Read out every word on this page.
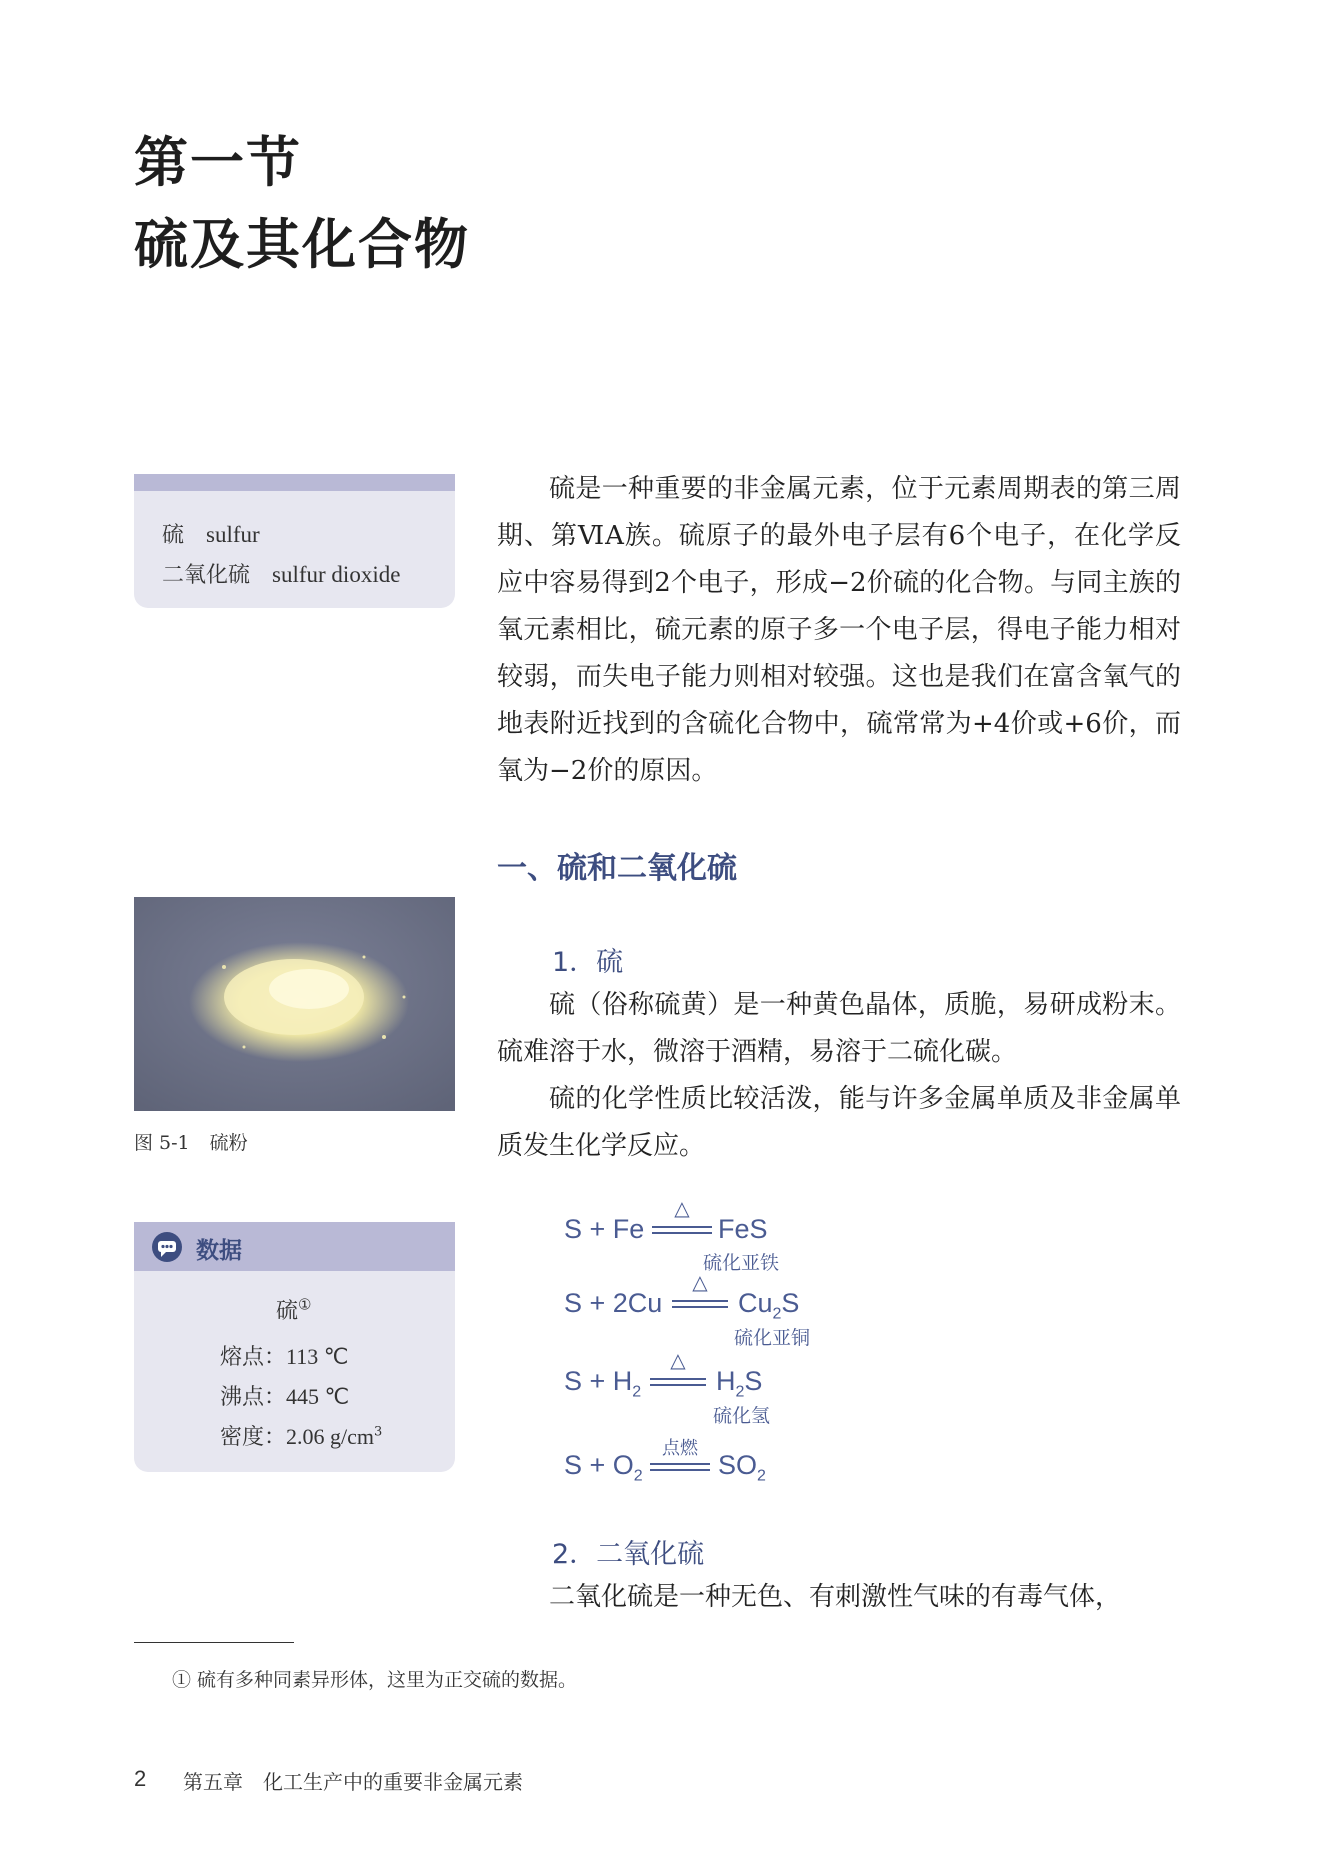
第一节
硫及其化合物
硫 sulfur
二氧化硫 sulfur dioxide

硫是一种重要的非金属元素，位于元素周期表的第三周期、第ⅥA族。硫原子的最外电子层有6个电子，在化学反应中容易得到2个电子，形成−2价硫的化合物。与同主族的氧元素相比，硫元素的原子多一个电子层，得电子能力相对较弱，而失电子能力则相对较强。这也是我们在富含氧气的地表附近找到的含硫化合物中，硫常常为+4价或+6价，而氧为−2价的原因。

一、硫和二氧化硫
1．硫

硫（俗称硫黄）是一种黄色晶体，质脆，易研成粉末。硫难溶于水，微溶于酒精，易溶于二硫化碳。

硫的化学性质比较活泼，能与许多金属单质及非金属单质发生化学反应。

图 5-1 硫粉
数据
硫①
熔点：113 ℃
沸点：445 ℃
密度：2.06 $g/cm^3$
S + Fe
△
FeS
硫化亚铁
S + 2Cu
△
$Cu_2S$
硫化亚铜
$S + H_2$
△
$H_2S$
硫化氢
$S + O_2$
点燃
$SO_2$
2．二氧化硫

二氧化硫是一种无色、有刺激性气味的有毒气体，

① 硫有多种同素异形体，这里为正交硫的数据。
2 第五章　化工生产中的重要非金属元素
